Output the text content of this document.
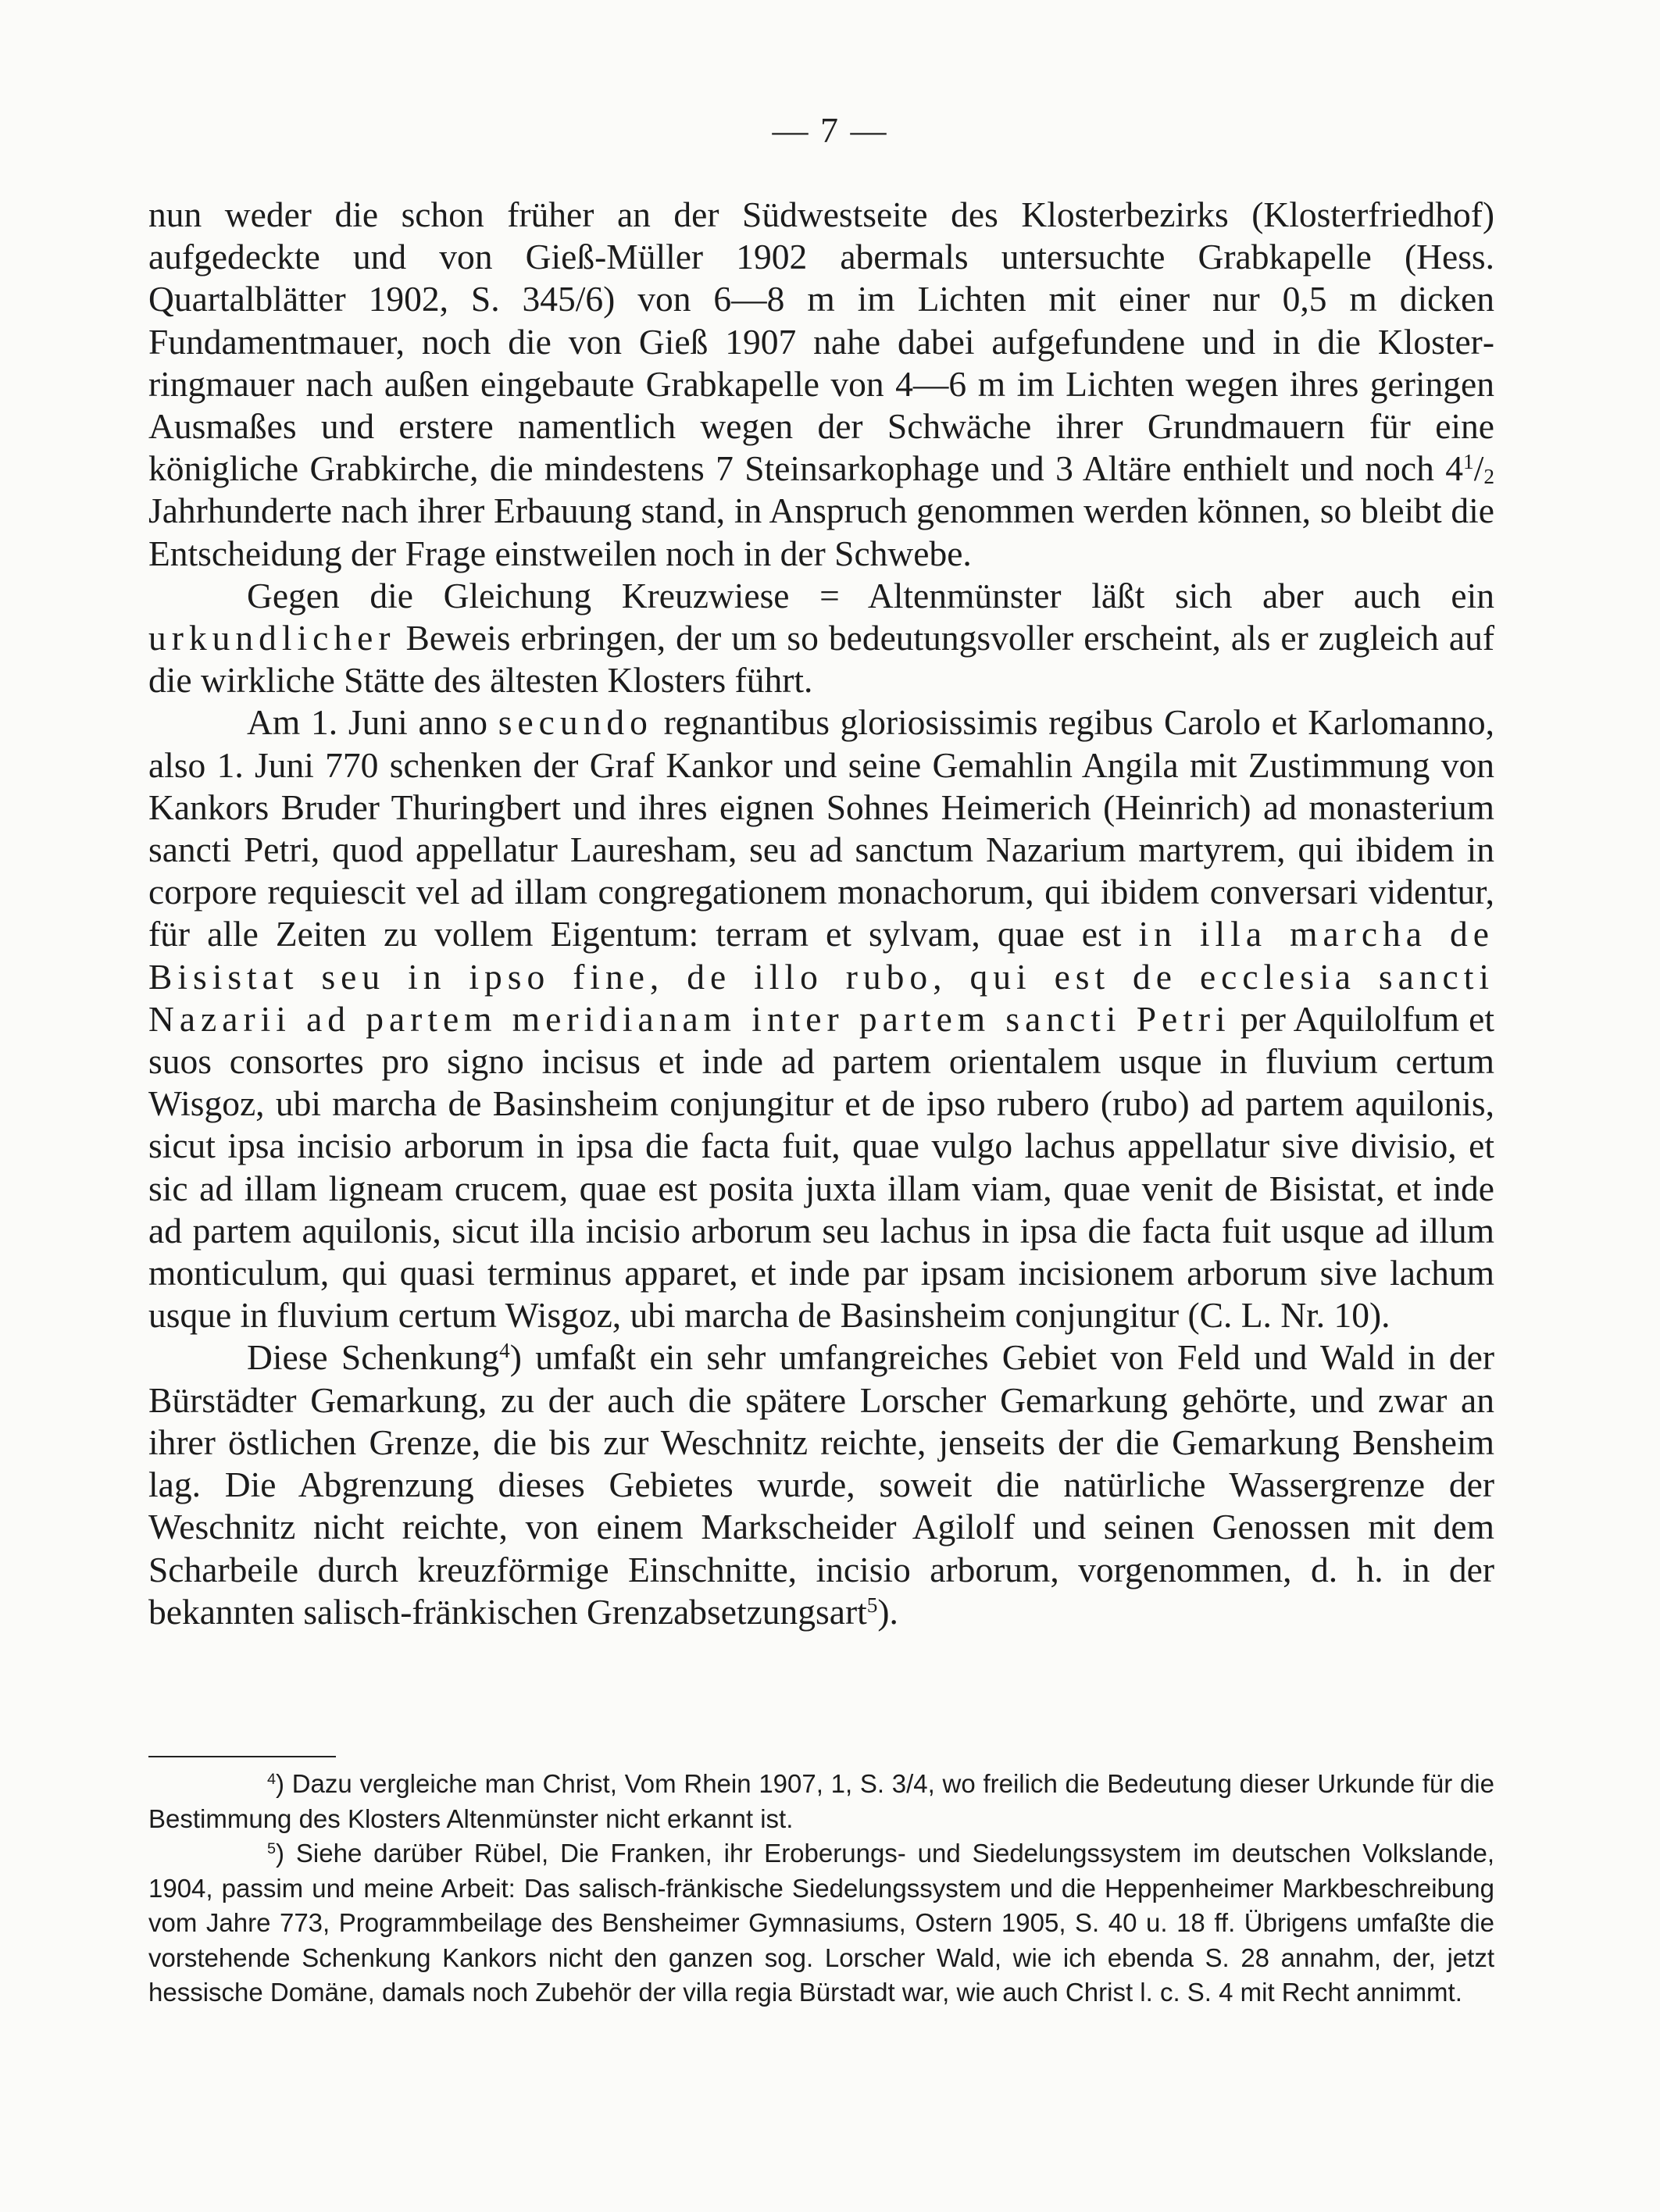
— 7 —

nun weder die schon früher an der Südwestseite des Klosterbezirks (Klosterfriedhof) aufgedeckte und von Gieß-Müller 1902 abermals untersuchte Grabkapelle (Hess. Quartalblätter 1902, S. 345/6) von 6—8 m im Lichten mit einer nur 0,5 m dicken Fundamentmauer, noch die von Gieß 1907 nahe dabei aufgefundene und in die Klosterringmauer nach außen eingebaute Grabkapelle von 4—6 m im Lichten wegen ihres geringen Ausmaßes und erstere namentlich wegen der Schwäche ihrer Grundmauern für eine königliche Grabkirche, die mindestens 7 Steinsarkophage und 3 Altäre enthielt und noch $4^1/_2$ Jahrhunderte nach ihrer Erbauung stand, in Anspruch genommen werden können, so bleibt die Entscheidung der Frage einstweilen noch in der Schwebe.

Gegen die Gleichung Kreuzwiese = Altenmünster läßt sich aber auch ein urkundlicher Beweis erbringen, der um so bedeutungsvoller erscheint, als er zugleich auf die wirkliche Stätte des ältesten Klosters führt.

Am 1. Juni anno secundo regnantibus gloriosissimis regibus Carolo et Karlomanno, also 1. Juni 770 schenken der Graf Kankor und seine Gemahlin Angila mit Zustimmung von Kankors Bruder Thuringbert und ihres eignen Sohnes Heimerich (Heinrich) ad monasterium sancti Petri, quod appellatur Lauresham, seu ad sanctum Nazarium martyrem, qui ibidem in corpore requiescit vel ad illam congregationem monachorum, qui ibidem conversari videntur, für alle Zeiten zu vollem Eigentum: terram et sylvam, quae est in illa marcha de Bisistat seu in ipso fine, de illo rubo, qui est de ecclesia sancti Nazarii ad partem meridianam inter partem sancti Petri per Aquilolfum et suos consortes pro signo incisus et inde ad partem orientalem usque in fluvium certum Wisgoz, ubi marcha de Basinsheim conjungitur et de ipso rubero (rubo) ad partem aquilonis, sicut ipsa incisio arborum in ipsa die facta fuit, quae vulgo lachus appellatur sive divisio, et sic ad illam ligneam crucem, quae est posita juxta illam viam, quae venit de Bisistat, et inde ad partem aquilonis, sicut illa incisio arborum seu lachus in ipsa die facta fuit usque ad illum monticulum, qui quasi terminus apparet, et inde par ipsam incisionem arborum sive lachum usque in fluvium certum Wisgoz, ubi marcha de Basinsheim conjungitur (C. L. Nr. 10).

Diese Schenkung$^4$) umfaßt ein sehr umfangreiches Gebiet von Feld und Wald in der Bürstädter Gemarkung, zu der auch die spätere Lorscher Gemarkung gehörte, und zwar an ihrer östlichen Grenze, die bis zur Weschnitz reichte, jenseits der die Gemarkung Bensheim lag. Die Abgrenzung dieses Gebietes wurde, soweit die natürliche Wassergrenze der Weschnitz nicht reichte, von einem Markscheider Agilolf und seinen Genossen mit dem Scharbeile durch kreuzförmige Einschnitte, incisio arborum, vorgenommen, d. h. in der bekannten salisch-fränkischen Grenzabsetzungsart$^5$).

$^4$) Dazu vergleiche man Christ, Vom Rhein 1907, 1, S. 3/4, wo freilich die Bedeutung dieser Urkunde für die Bestimmung des Klosters Altenmünster nicht erkannt ist.

$^5$) Siehe darüber Rübel, Die Franken, ihr Eroberungs- und Siedelungssystem im deutschen Volkslande, 1904, passim und meine Arbeit: Das salisch-fränkische Siedelungssystem und die Heppenheimer Markbeschreibung vom Jahre 773, Programmbeilage des Bensheimer Gymnasiums, Ostern 1905, S. 40 u. 18 ff. Übrigens umfaßte die vorstehende Schenkung Kankors nicht den ganzen sog. Lorscher Wald, wie ich ebenda S. 28 annahm, der, jetzt hessische Domäne, damals noch Zubehör der villa regia Bürstadt war, wie auch Christ l. c. S. 4 mit Recht annimmt.
